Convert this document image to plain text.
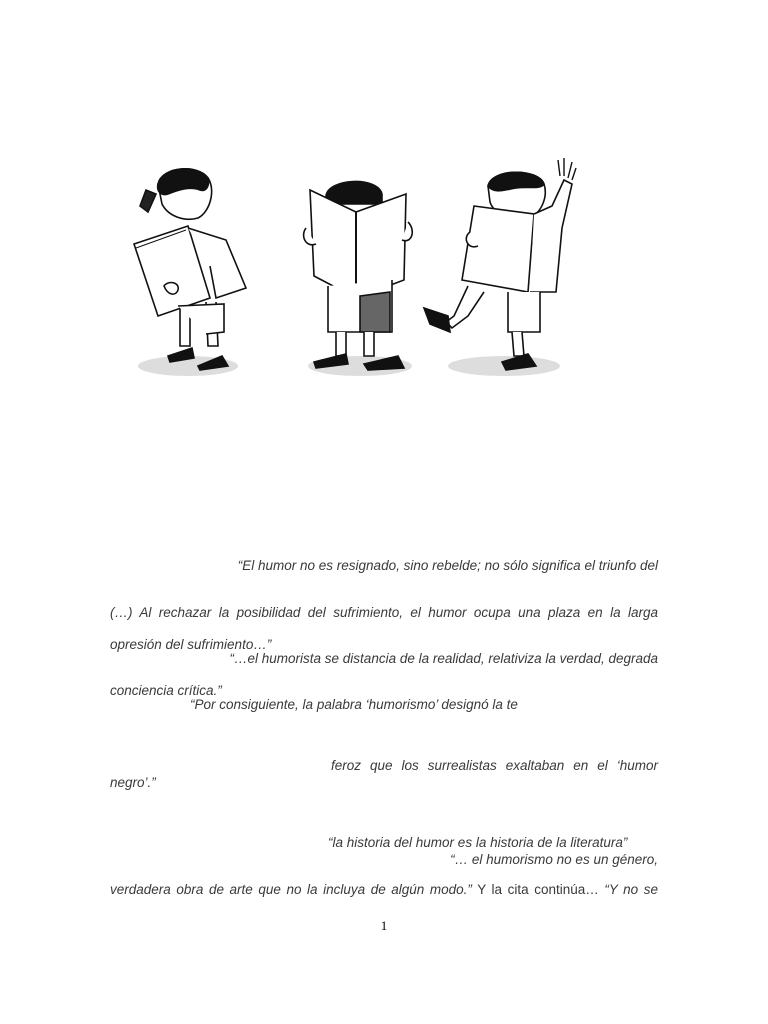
“El humor no es resignado, sino rebelde; no sólo significa el triunfo del
(…) Al rechazar la posibilidad del sufrimiento, el humor ocupa una plaza en la larga
opresión del sufrimiento…”
“…el humorista se distancia de la realidad, relativiza la verdad, degrada
conciencia crítica.”
“Por consiguiente, la palabra ‘humorismo’ designó la te
feroz que los surrealistas exaltaban en el ‘humor
negro’.”
“la historia del humor es la historia de la literatura”
“… el humorismo no es un género,
verdadera obra de arte que no la incluya de algún modo.” Y la cita continúa… “Y no se
1
